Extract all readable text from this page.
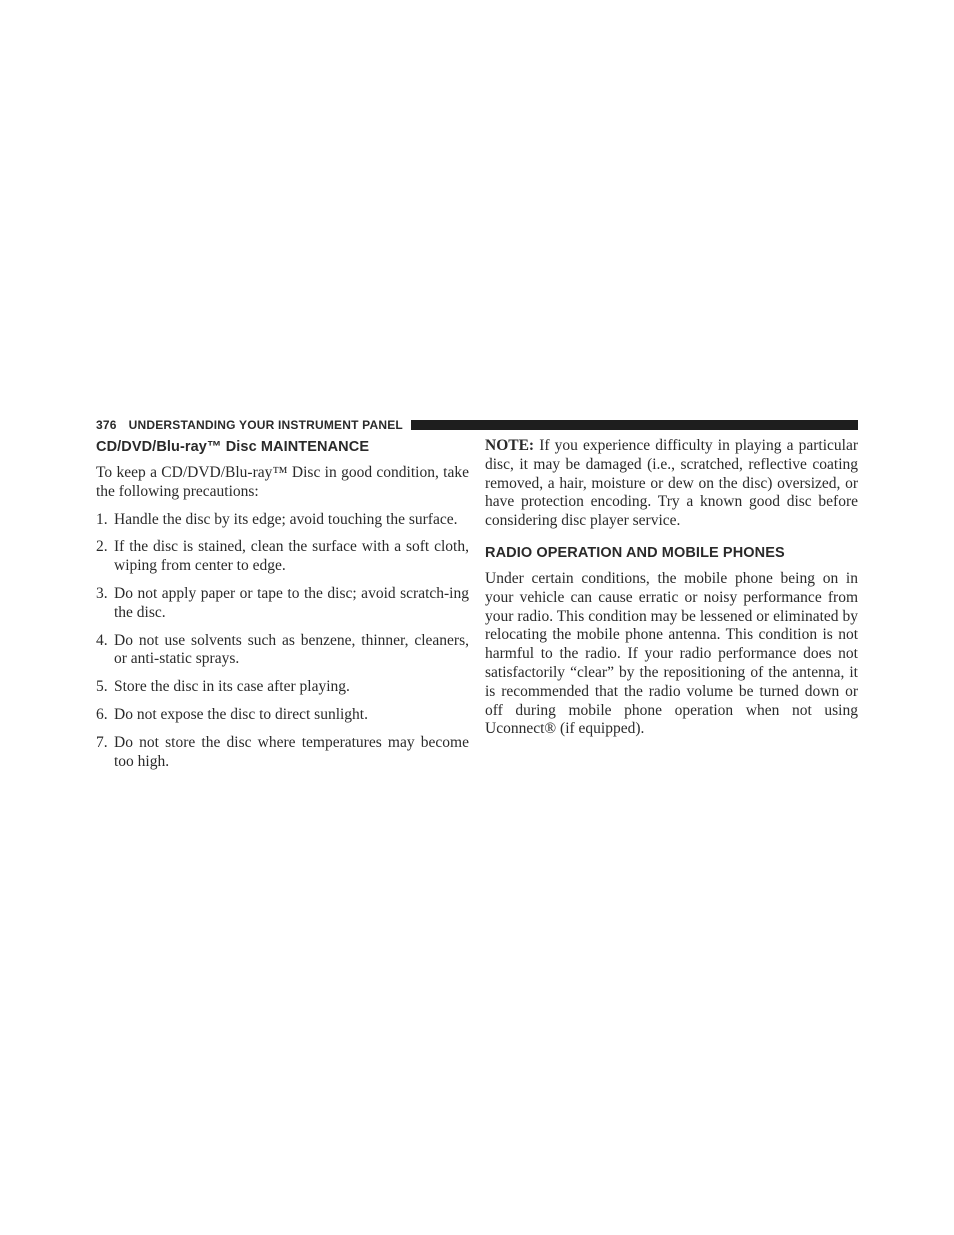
376 UNDERSTANDING YOUR INSTRUMENT PANEL
CD/DVD/Blu-ray™ Disc MAINTENANCE

To keep a CD/DVD/Blu-ray™ Disc in good condition, take the following precautions:

1. Handle the disc by its edge; avoid touching the surface.
2. If the disc is stained, clean the surface with a soft cloth, wiping from center to edge.
3. Do not apply paper or tape to the disc; avoid scratch-ing the disc.
4. Do not use solvents such as benzene, thinner, cleaners, or anti-static sprays.
5. Store the disc in its case after playing.
6. Do not expose the disc to direct sunlight.
7. Do not store the disc where temperatures may become too high.

NOTE: If you experience difficulty in playing a particular disc, it may be damaged (i.e., scratched, reflective coating removed, a hair, moisture or dew on the disc) oversized, or have protection encoding. Try a known good disc before considering disc player service.

RADIO OPERATION AND MOBILE PHONES

Under certain conditions, the mobile phone being on in your vehicle can cause erratic or noisy performance from your radio. This condition may be lessened or eliminated by relocating the mobile phone antenna. This condition is not harmful to the radio. If your radio performance does not satisfactorily “clear” by the repositioning of the antenna, it is recommended that the radio volume be turned down or off during mobile phone operation when not using Uconnect® (if equipped).
